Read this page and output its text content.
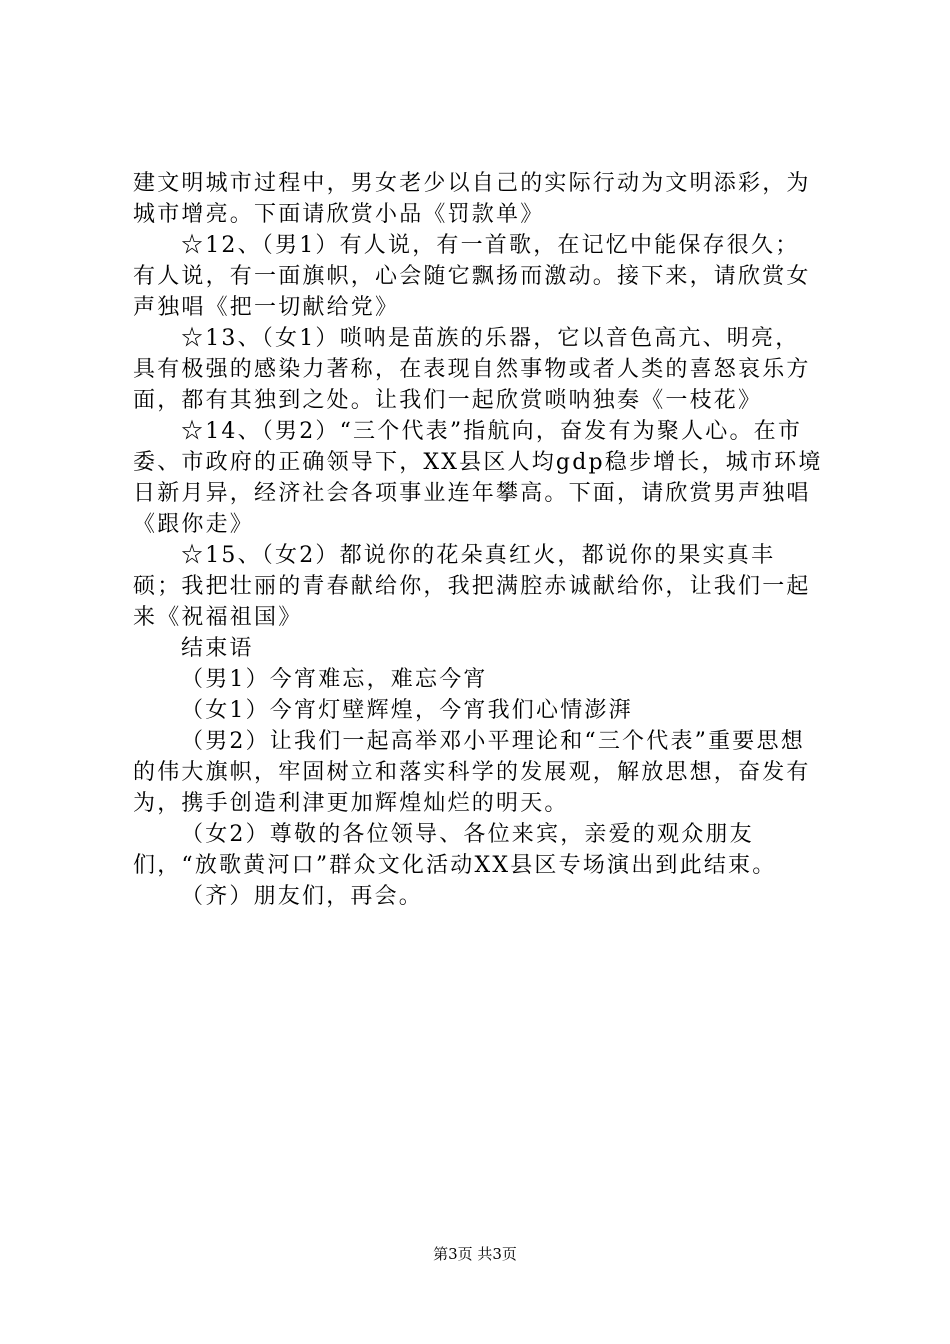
建文明城市过程中，男女老少以自己的实际行动为文明添彩，为城市增亮。下面请欣赏小品《罚款单》

☆12、（男1）有人说，有一首歌，在记忆中能保存很久；有人说，有一面旗帜，心会随它飘扬而激动。接下来，请欣赏女声独唱《把一切献给党》

☆13、（女1）唢呐是苗族的乐器，它以音色高亢、明亮，具有极强的感染力著称，在表现自然事物或者人类的喜怒哀乐方面，都有其独到之处。让我们一起欣赏唢呐独奏《一枝花》

☆14、（男2）“三个代表”指航向，奋发有为聚人心。在市委、市政府的正确领导下，XX县区人均gdp稳步增长，城市环境日新月异，经济社会各项事业连年攀高。下面，请欣赏男声独唱《跟你走》

☆15、（女2）都说你的花朵真红火，都说你的果实真丰硕；我把壮丽的青春献给你，我把满腔赤诚献给你，让我们一起来《祝福祖国》

结束语

（男1）今宵难忘，难忘今宵

（女1）今宵灯壁辉煌，今宵我们心情澎湃

（男2）让我们一起高举邓小平理论和“三个代表”重要思想的伟大旗帜，牢固树立和落实科学的发展观，解放思想，奋发有为，携手创造利津更加辉煌灿烂的明天。

（女2）尊敬的各位领导、各位来宾，亲爱的观众朋友们，“放歌黄河口”群众文化活动XX县区专场演出到此结束。

（齐）朋友们，再会。

第3页 共3页
